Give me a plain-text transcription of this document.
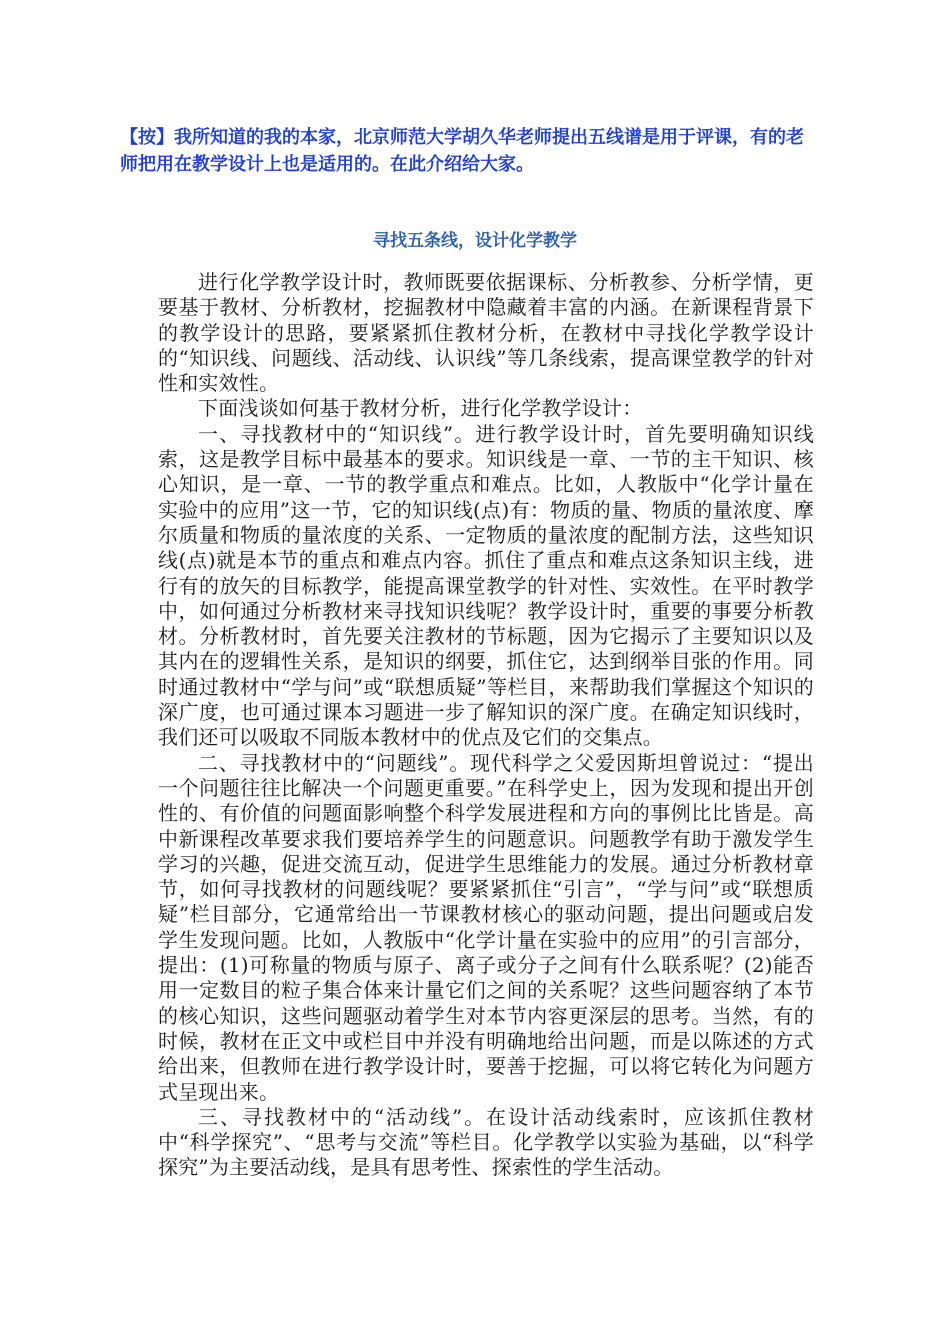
【按】我所知道的我的本家，北京师范大学胡久华老师提出五线谱是用于评课，有的老师把用在教学设计上也是适用的。在此介绍给大家。
寻找五条线，设计化学教学

进行化学教学设计时，教师既要依据课标、分析教参、分析学情，更要基于教材、分析教材，挖掘教材中隐藏着丰富的内涵。在新课程背景下的教学设计的思路，要紧紧抓住教材分析，在教材中寻找化学教学设计的“知识线、问题线、活动线、认识线”等几条线索，提高课堂教学的针对性和实效性。

下面浅谈如何基于教材分析，进行化学教学设计：

一、寻找教材中的“知识线”。进行教学设计时，首先要明确知识线索，这是教学目标中最基本的要求。知识线是一章、一节的主干知识、核心知识，是一章、一节的教学重点和难点。比如，人教版中“化学计量在实验中的应用”这一节，它的知识线(点)有：物质的量、物质的量浓度、摩尔质量和物质的量浓度的关系、一定物质的量浓度的配制方法，这些知识线(点)就是本节的重点和难点内容。抓住了重点和难点这条知识主线，进行有的放矢的目标教学，能提高课堂教学的针对性、实效性。在平时教学中，如何通过分析教材来寻找知识线呢？教学设计时，重要的事要分析教材。分析教材时，首先要关注教材的节标题，因为它揭示了主要知识以及其内在的逻辑性关系，是知识的纲要，抓住它，达到纲举目张的作用。同时通过教材中“学与问”或“联想质疑”等栏目，来帮助我们掌握这个知识的深广度，也可通过课本习题进一步了解知识的深广度。在确定知识线时，我们还可以吸取不同版本教材中的优点及它们的交集点。

二、寻找教材中的“问题线”。现代科学之父爱因斯坦曾说过：“提出一个问题往往比解决一个问题更重要。”在科学史上，因为发现和提出开创性的、有价值的问题面影响整个科学发展进程和方向的事例比比皆是。高中新课程改革要求我们要培养学生的问题意识。问题教学有助于激发学生学习的兴趣，促进交流互动，促进学生思维能力的发展。通过分析教材章节，如何寻找教材的问题线呢？要紧紧抓住“引言”，“学与问”或“联想质疑”栏目部分，它通常给出一节课教材核心的驱动问题，提出问题或启发学生发现问题。比如，人教版中“化学计量在实验中的应用”的引言部分，提出：(1)可称量的物质与原子、离子或分子之间有什么联系呢？(2)能否用一定数目的粒子集合体来计量它们之间的关系呢？这些问题容纳了本节的核心知识，这些问题驱动着学生对本节内容更深层的思考。当然，有的时候，教材在正文中或栏目中并没有明确地给出问题，而是以陈述的方式给出来，但教师在进行教学设计时，要善于挖掘，可以将它转化为问题方式呈现出来。

三、寻找教材中的“活动线”。在设计活动线索时，应该抓住教材中“科学探究”、“思考与交流”等栏目。化学教学以实验为基础，以“科学探究”为主要活动线，是具有思考性、探索性的学生活动。
